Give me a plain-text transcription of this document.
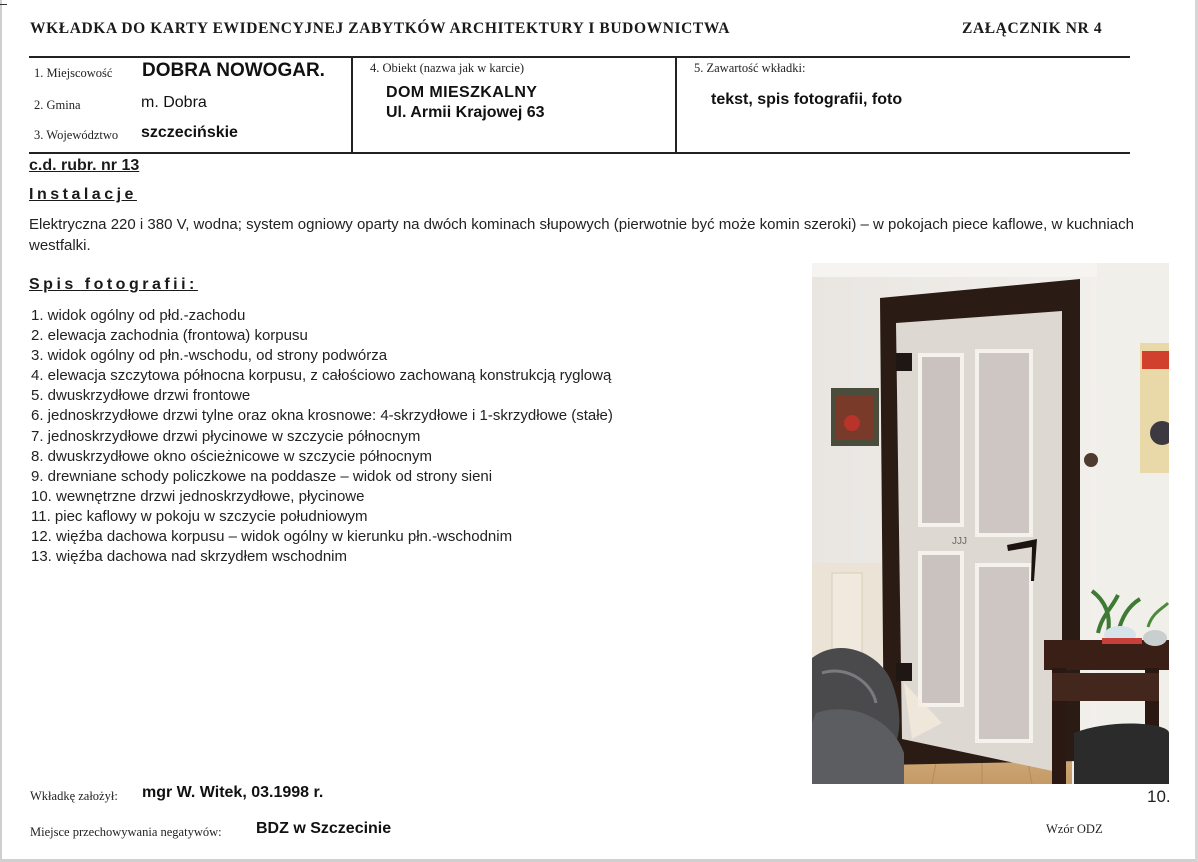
WKŁADKA DO KARTY EWIDENCYJNEJ ZABYTKÓW ARCHITEKTURY I BUDOWNICTWA	ZAŁĄCZNIK NR 4
1. Miejscowość DOBRA NOWOGAR.
2. Gmina	m. Dobra
3. Województwo szczecińskie
4. Obiekt (nazwa jak w karcie)
DOM MIESZKALNY
Ul. Armii Krajowej 63
5. Zawartość wkładki:
tekst, spis fotografii, foto
c.d. rubr. nr 13
Instalacje
Elektryczna 220 i 380 V, wodna; system ogniowy oparty na dwóch kominach słupowych (pierwotnie być może komin szeroki) – w pokojach piece kaflowe, w kuchniach westfalki.
Spis fotografii:
1. widok ogólny od płd.-zachodu
2. elewacja zachodnia (frontowa) korpusu
3. widok ogólny od płn.-wschodu, od strony podwórza
4. elewacja szczytowa północna korpusu, z całościowo zachowaną konstrukcją ryglową
5. dwuskrzydłowe drzwi frontowe
6. jednoskrzydłowe drzwi tylne oraz okna krosnowe: 4-skrzydłowe i 1-skrzydłowe (stałe)
7. jednoskrzydłowe drzwi płycinowe w szczycie północnym
8. dwuskrzydłowe okno ościeżnicowe w szczycie północnym
9. drewniane schody policzkowe na poddasze – widok od strony sieni
10. wewnętrzne drzwi jednoskrzydłowe, płycinowe
11. piec kaflowy w pokoju w szczycie południowym
12. więźba dachowa korpusu – widok ogólny w kierunku płn.-wschodnim
13. więźba dachowa nad skrzydłem wschodnim
JJJ
10.
Wkładkę założył: mgr W. Witek, 03.1998 r.
Miejsce przechowywania negatywów: BDZ w Szczecinie	Wzór ODZ
